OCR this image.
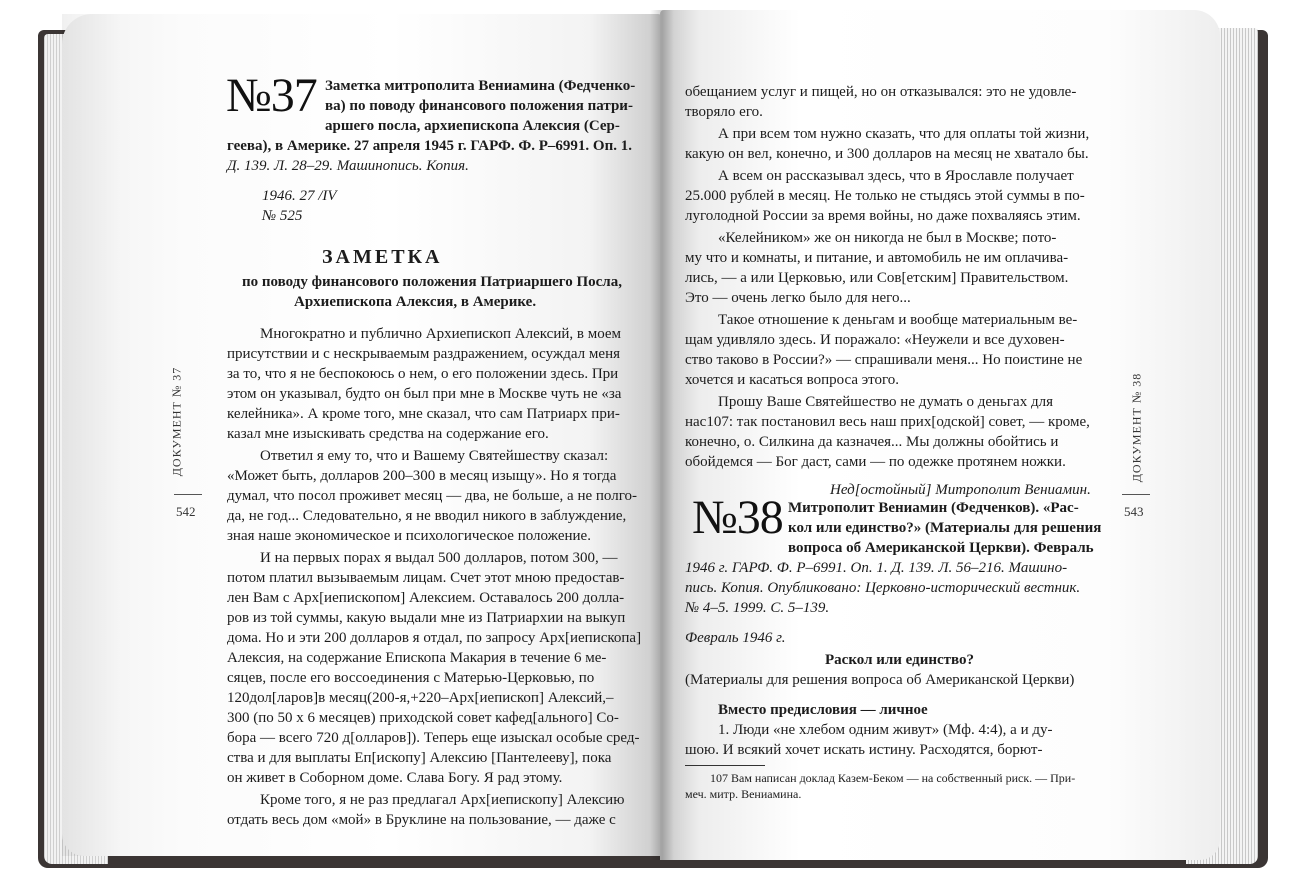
№37 Заметка митрополита Вениамина (Федченко-
ва) по поводу финансового положения патри-
аршего посла, архиепископа Алексия (Сер-
геева), в Америке. 27 апреля 1945 г. ГАРФ. Ф. Р–6991. Оп. 1.
Д. 139. Л. 28–29. Машинопись. Копия.
1946. 27 /IV
№ 525
ЗАМЕТКА
по поводу финансового положения Патриаршего Посла,
Архиепископа Алексия, в Америке.
Многократно и публично Архиепископ Алексий, в моем
присутствии и с нескрываемым раздражением, осуждал меня
за то, что я не беспокоюсь о нем, о его положении здесь. При
этом он указывал, будто он был при мне в Москве чуть не «за
келейника». А кроме того, мне сказал, что сам Патриарх при-
казал мне изыскивать средства на содержание его.
Ответил я ему то, что и Вашему Святейшеству сказал:
«Может быть, долларов 200–300 в месяц изыщу». Но я тогда
думал, что посол проживет месяц — два, не больше, а не полго-
да, не год... Следовательно, я не вводил никого в заблуждение,
зная наше экономическое и психологическое положение.
И на первых порах я выдал 500 долларов, потом 300, —
потом платил вызываемым лицам. Счет этот мною предостав-
лен Вам с Арх[иепископом] Алексием. Оставалось 200 долла-
ров из той суммы, какую выдали мне из Патриархии на выкуп
дома. Но и эти 200 долларов я отдал, по запросу Арх[иепископа]
Алексия, на содержание Епископа Макария в течение 6 ме-
сяцев, после его воссоединения с Матерью-Церковью, по
120дол[ларов]в месяц(200-я,+220–Арх[иепископ] Алексий,–
300 (по 50 х 6 месяцев) приходской совет кафед[ального] Со-
бора — всего 720 д[олларов]). Теперь еще изыскал особые сред-
ства и для выплаты Еп[ископу] Алексию [Пантелееву], пока
он живет в Соборном доме. Слава Богу. Я рад этому.
Кроме того, я не раз предлагал Арх[иепископу] Алексию
отдать весь дом «мой» в Бруклине на пользование, — даже с
ДОКУМЕНТ № 37
542
обещанием услуг и пищей, но он отказывался: это не удовле-
творяло его.
А при всем том нужно сказать, что для оплаты той жизни,
какую он вел, конечно, и 300 долларов на месяц не хватало бы.
А всем он рассказывал здесь, что в Ярославле получает
25.000 рублей в месяц. Не только не стыдясь этой суммы в по-
луголодной России за время войны, но даже похваляясь этим.
«Келейником» же он никогда не был в Москве; пото-
му что и комнаты, и питание, и автомобиль не им оплачива-
лись, — а или Церковью, или Сов[етским] Правительством.
Это — очень легко было для него...
Такое отношение к деньгам и вообще материальным ве-
щам удивляло здесь. И поражало: «Неужели и все духовен-
ство таково в России?» — спрашивали меня... Но поистине не
хочется и касаться вопроса этого.
Прошу Ваше Святейшество не думать о деньгах для
нас107: так постановил весь наш прих[одской] совет, — кроме,
конечно, о. Силкина да казначея... Мы должны обойтись и
обойдемся — Бог даст, сами — по одежке протянем ножки.
Нед[остойный] Митрополит Вениамин.
№38 Митрополит Вениамин (Федченков). «Рас-
кол или единство?» (Материалы для решения
вопроса об Американской Церкви). Февраль
1946 г. ГАРФ. Ф. Р–6991. Оп. 1. Д. 139. Л. 56–216. Машино-
пись. Копия. Опубликовано: Церковно-исторический вестник.
№ 4–5. 1999. С. 5–139.
Февраль 1946 г.
Раскол или единство?
(Материалы для решения вопроса об Американской Церкви)
Вместо предисловия — личное
1. Люди «не хлебом одним живут» (Мф. 4:4), а и ду-
шою. И всякий хочет искать истину. Расходятся, борют-
107 Вам написан доклад Казем-Беком — на собственный риск. — При-
меч. митр. Вениамина.
ДОКУМЕНТ № 38
543
